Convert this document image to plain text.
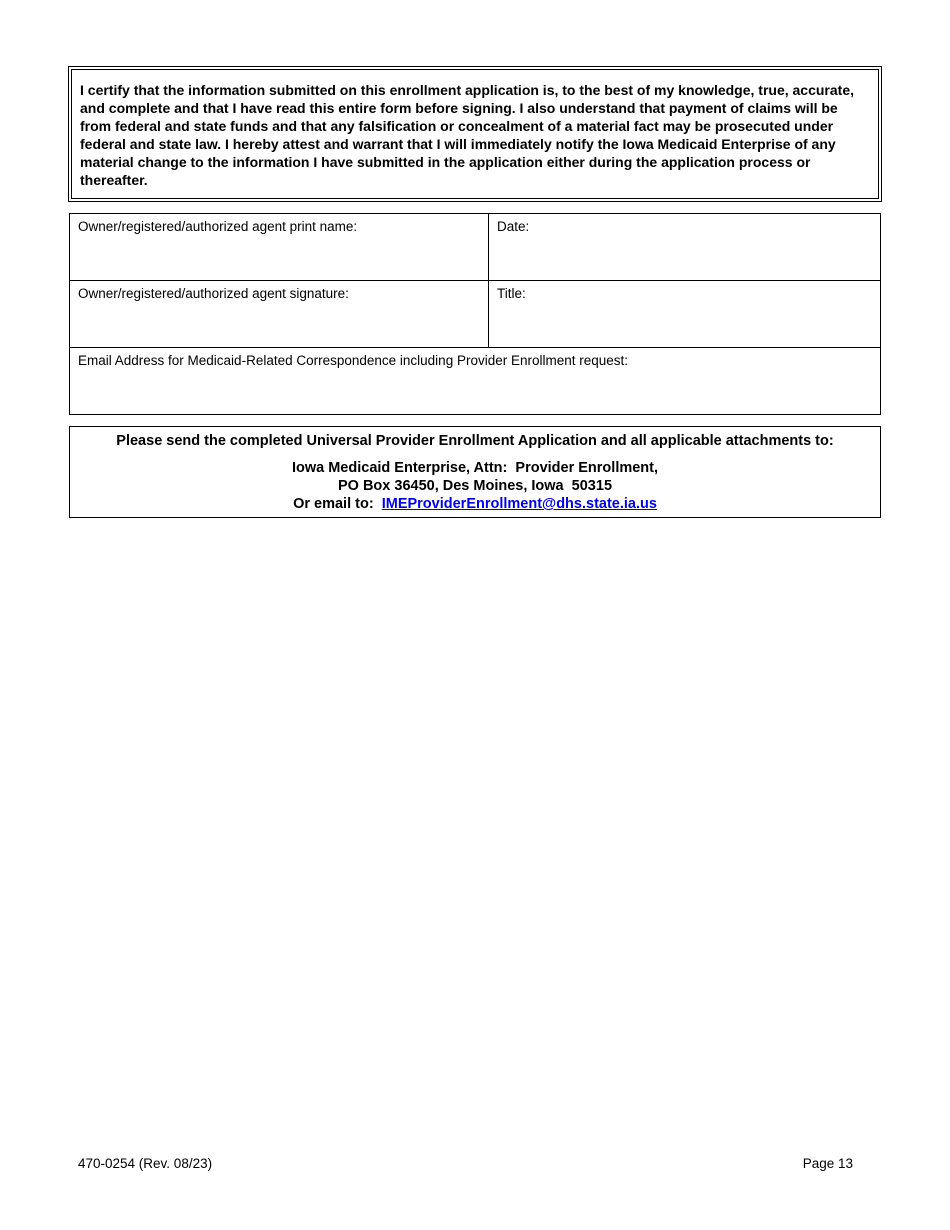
I certify that the information submitted on this enrollment application is, to the best of my knowledge, true, accurate, and complete and that I have read this entire form before signing. I also understand that payment of claims will be from federal and state funds and that any falsification or concealment of a material fact may be prosecuted under federal and state law. I hereby attest and warrant that I will immediately notify the Iowa Medicaid Enterprise of any material change to the information I have submitted in the application either during the application process or thereafter.
Owner/registered/authorized agent print name:	Date:
Owner/registered/authorized agent signature:	Title:
Email Address for Medicaid-Related Correspondence including Provider Enrollment request:
Please send the completed Universal Provider Enrollment Application and all applicable attachments to:
Iowa Medicaid Enterprise, Attn:  Provider Enrollment,
PO Box 36450, Des Moines, Iowa  50315
Or email to:  IMEProviderEnrollment@dhs.state.ia.us
470-0254 (Rev. 08/23)	Page 13
